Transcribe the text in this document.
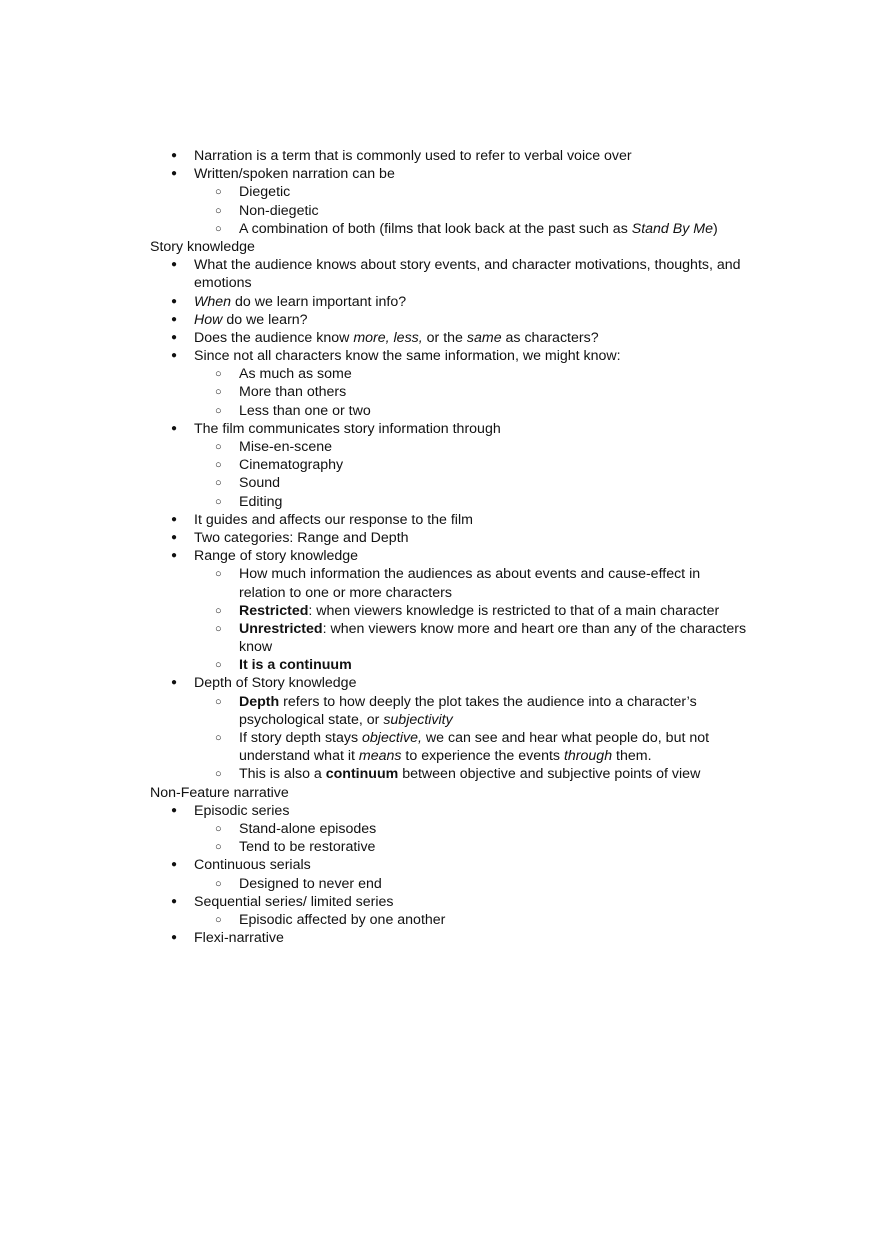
● Narration is a term that is commonly used to refer to verbal voice over
● Written/spoken narration can be
○ Diegetic
○ Non-diegetic
○ A combination of both (films that look back at the past such as Stand By Me)
Story knowledge
● What the audience knows about story events, and character motivations, thoughts, and
emotions
● When do we learn important info?
● How do we learn?
● Does the audience know more, less, or the same as characters?
● Since not all characters know the same information, we might know:
○ As much as some
○ More than others
○ Less than one or two
● The film communicates story information through
○ Mise-en-scene
○ Cinematography
○ Sound
○ Editing
● It guides and affects our response to the film
● Two categories: Range and Depth
● Range of story knowledge
○ How much information the audiences as about events and cause-effect in
relation to one or more characters
○ Restricted: when viewers knowledge is restricted to that of a main character
○ Unrestricted: when viewers know more and heart ore than any of the characters
know
○ It is a continuum
● Depth of Story knowledge
○ Depth refers to how deeply the plot takes the audience into a character’s
psychological state, or subjectivity
○ If story depth stays objective, we can see and hear what people do, but not
understand what it means to experience the events through them.
○ This is also a continuum between objective and subjective points of view
Non-Feature narrative
● Episodic series
○ Stand-alone episodes
○ Tend to be restorative
● Continuous serials
○ Designed to never end
● Sequential series/ limited series
○ Episodic affected by one another
● Flexi-narrative
